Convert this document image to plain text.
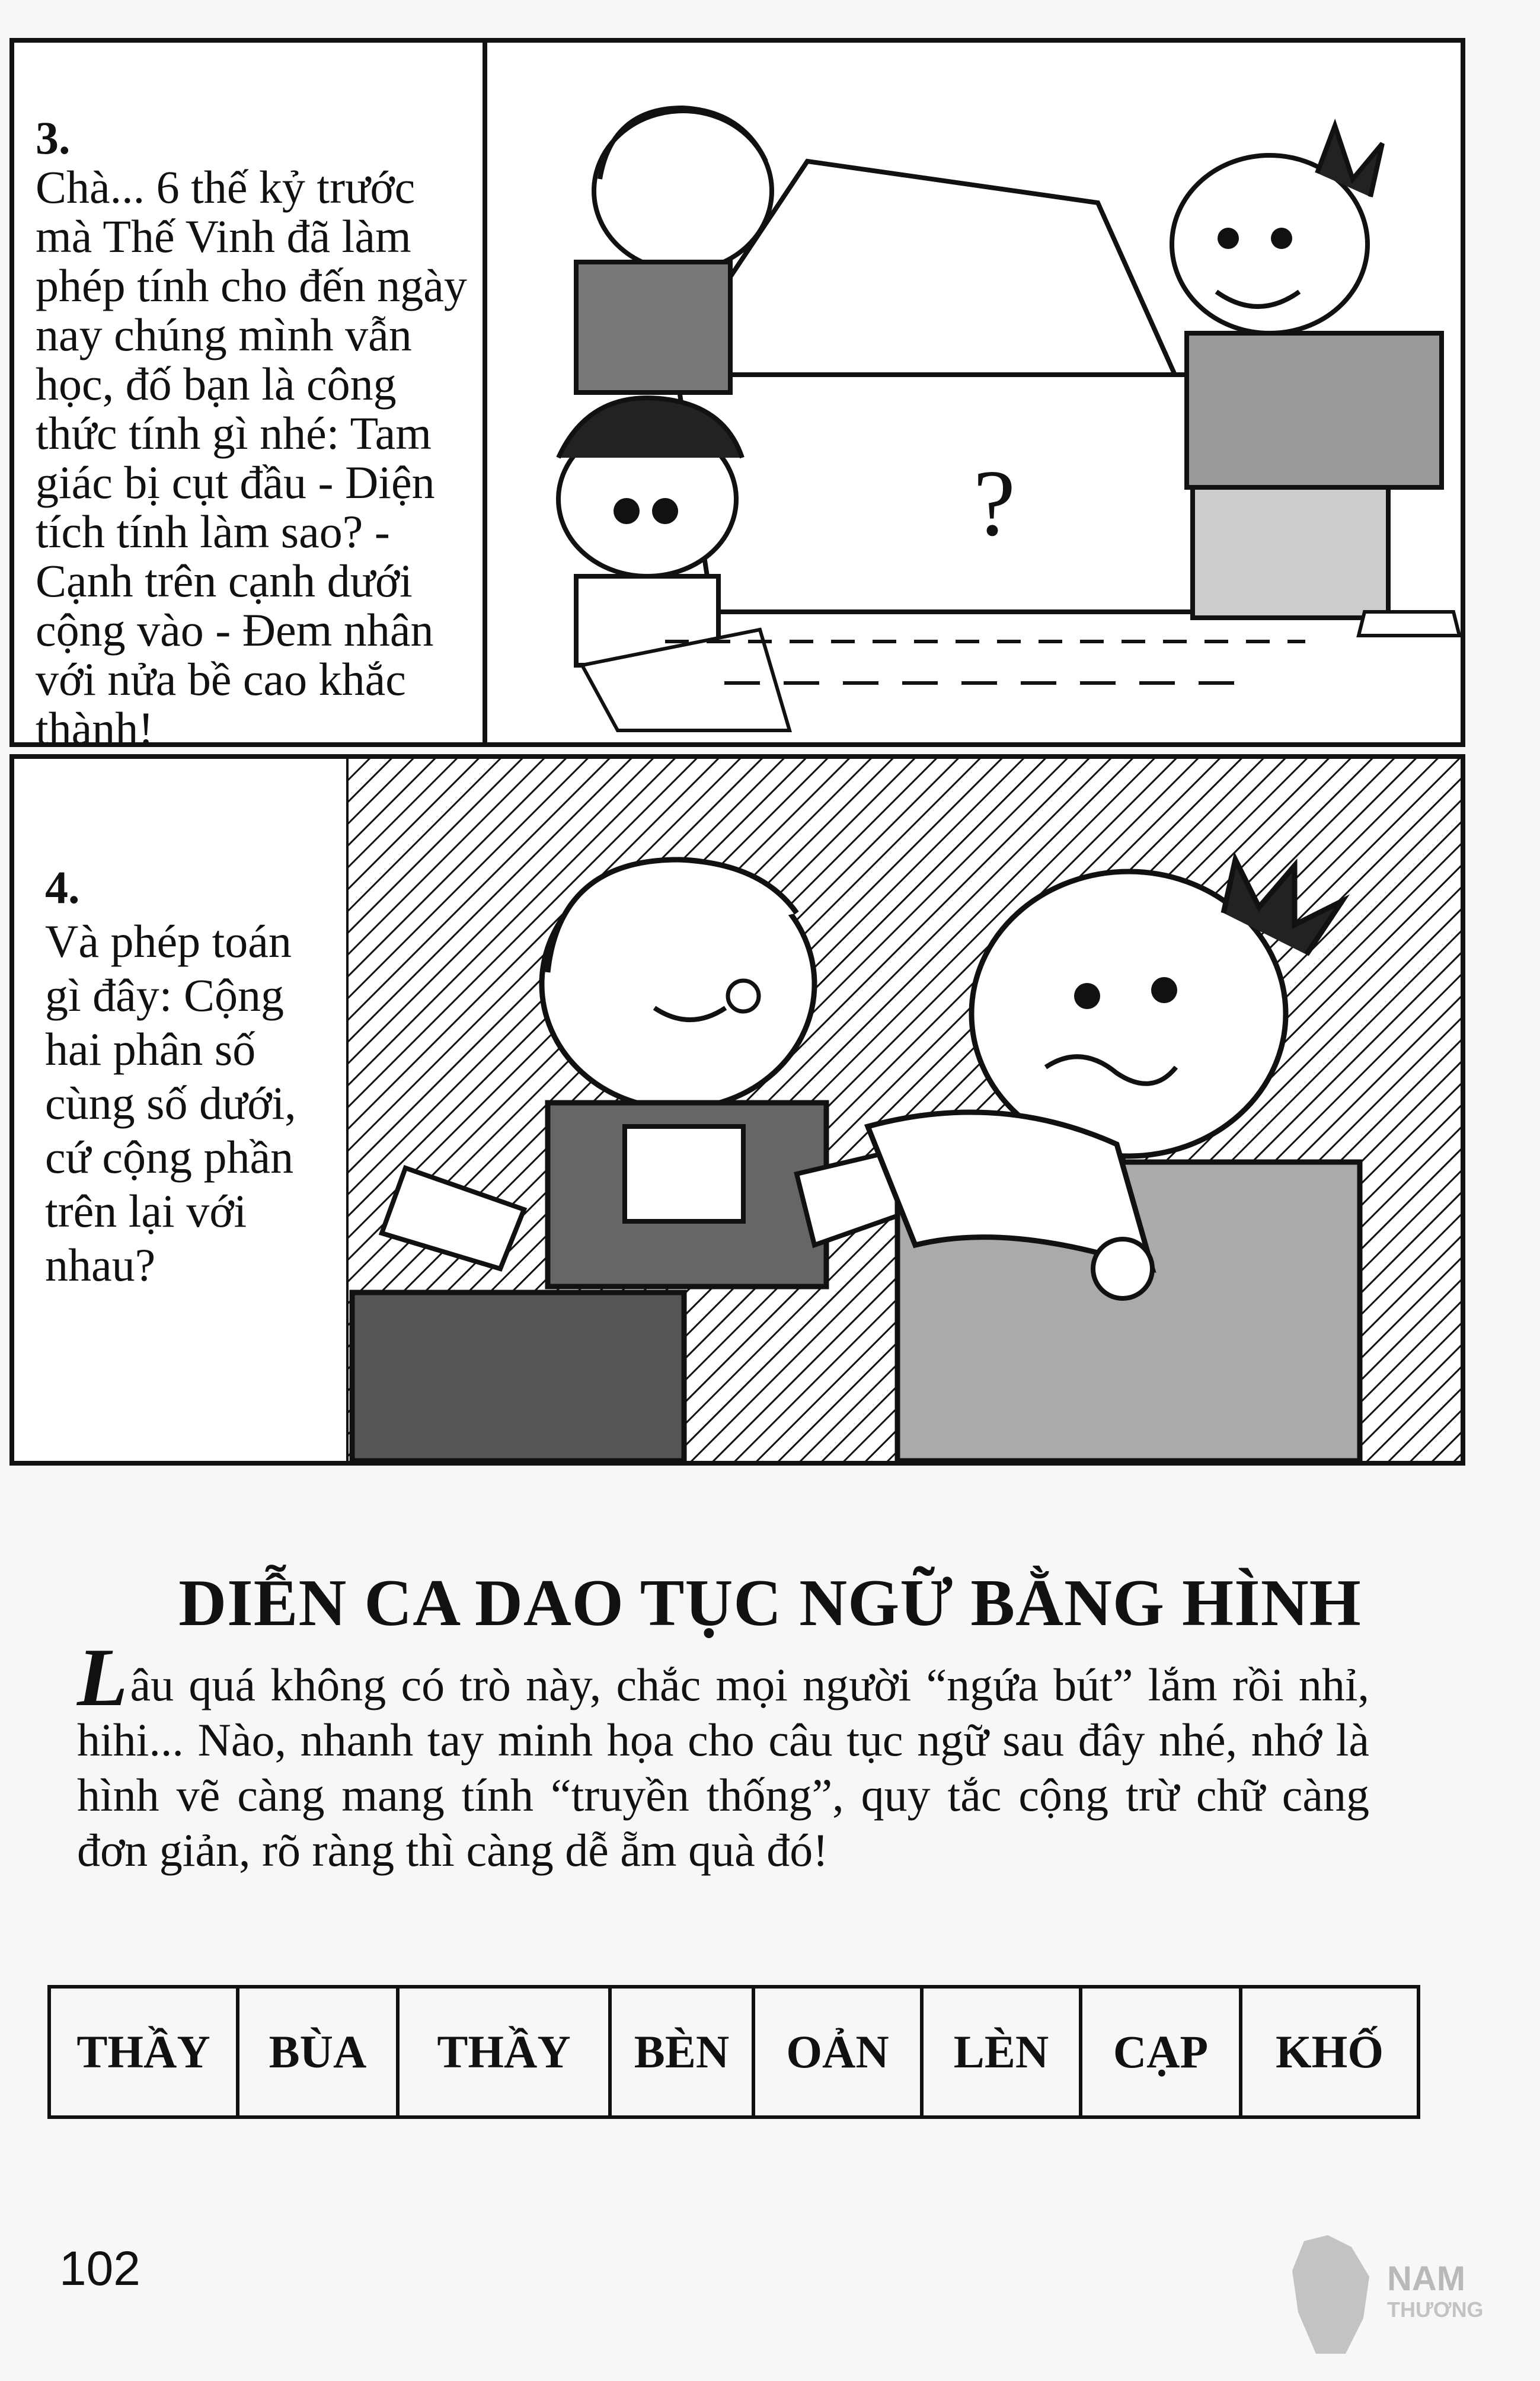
3.
Chà... 6 thế kỷ trước mà Thế Vinh đã làm phép tính cho đến ngày nay chúng mình vẫn học, đố bạn là công thức tính gì nhé: Tam giác bị cụt đầu - Diện tích tính làm sao? - Cạnh trên cạnh dưới cộng vào - Đem nhân với nửa bề cao khắc thành!

?

4.
Và phép toán gì đây: Cộng hai phân số cùng số dưới, cứ cộng phần trên lại với nhau?

DIỄN CA DAO TỤC NGỮ BẰNG HÌNH
Lâu quá không có trò này, chắc mọi người “ngứa bút” lắm rồi nhỉ, hihi... Nào, nhanh tay minh họa cho câu tục ngữ sau đây nhé, nhớ là hình vẽ càng mang tính “truyền thống”, quy tắc cộng trừ chữ càng đơn giản, rõ ràng thì càng dễ ẵm quà đó!
THẦY	BÙA	THẦY	BÈN	OẢN	LÈN	CẠP	KHỐ
102	NAM
THƯƠNG
